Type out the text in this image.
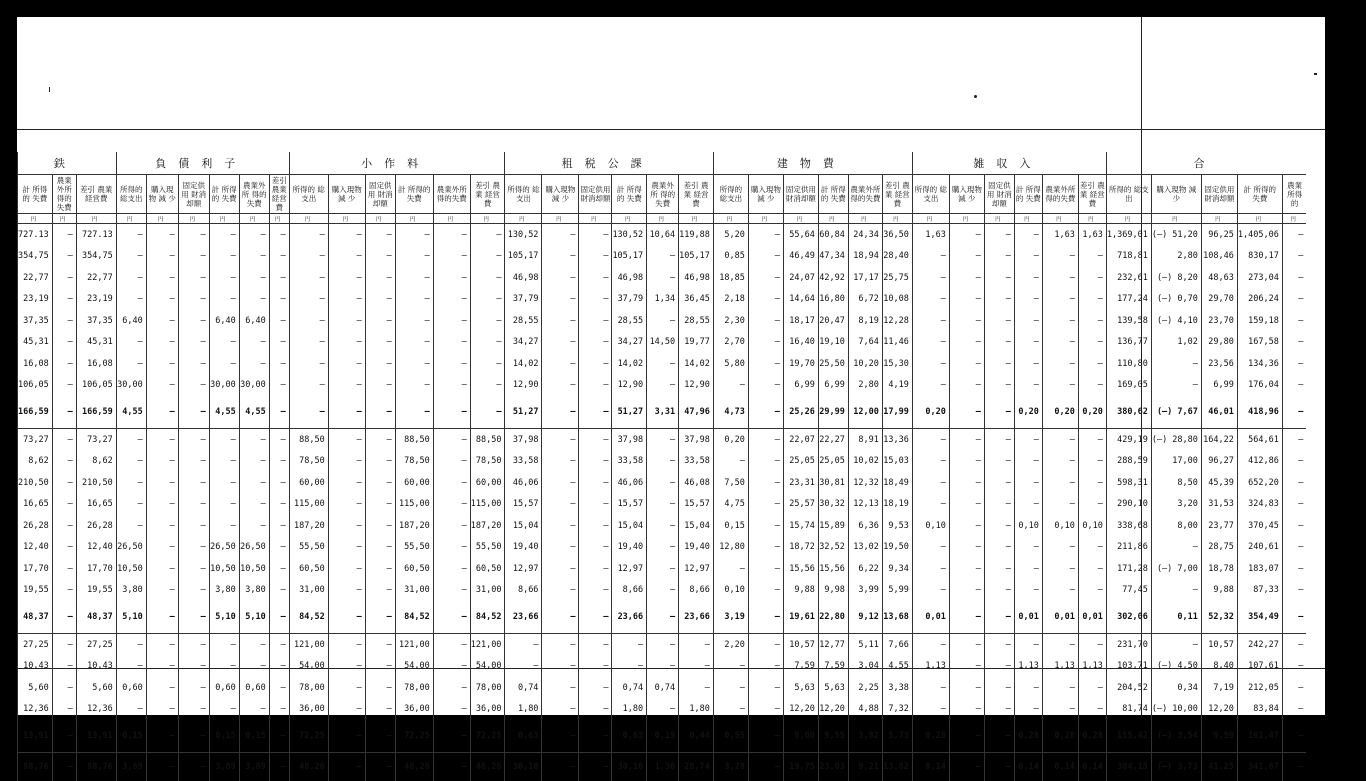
鉄			負債利子						小作料						租税公課						建物費						雑収入						合				
計 所得的 失費	農業外所得的失費	差引 農業 経営費	所得的 総支出	購入現物 減 少	固定供用 財消却額	計 所得的 失費	農業外所 得的失費	差引 農業 経営費	所得的 総支出	購入現物 減 少	固定供用 財消却額	計 所得的 失費	農業外所 得的失費	差引 農業 経営費	所得的 総支出	購入現物 減 少	固定供用 財消却額	計 所得的 失費	農業外所 得的失費	差引 農業 経営費	所得的 総支出	購入現物 減 少	固定供用 財消却額	計 所得的 失費	農業外所 得的失費	差引 農業 経営費	所得的 総支出	購入現物 減 少	固定供用 財消却額	計 所得的 失費	農業外所 得的失費	差引 農業 経営費	所得的 総支出	購入現物 減 少	固定供用 財消却額	計 所得的 失費	農業 所得的
円	円	円	円	円	円	円	円	円	円	円	円	円	円	円	円	円	円	円	円	円	円	円	円	円	円	円	円	円	円	円	円	円	円	円	円	円	円
727.13	—	727.13	—	—	—	—	—	—	—	—	—	—	—	—	130,52	—	—	130,52	10,64	119,88	5,20	—	55,64	60,84	24,34	36,50	1,63	—	—	—	1,63	1,63	1,369,01	(—) 51,20	96,25	1,405,06	—
354,75	—	354,75	—	—	—	—	—	—	—	—	—	—	—	—	105,17	—	—	105,17	—	105,17	0,85	—	46,49	47,34	18,94	28,40	—	—	—	—	—	—	718,81	2,80	108,46	830,17	—
22,77	—	22,77	—	—	—	—	—	—	—	—	—	—	—	—	46,98	—	—	46,98	—	46,98	18,85	—	24,07	42,92	17,17	25,75	—	—	—	—	—	—	232,61	(—) 8,20	48,63	273,04	—
23,19	—	23,19	—	—	—	—	—	—	—	—	—	—	—	—	37,79	—	—	37,79	1,34	36,45	2,18	—	14,64	16,80	6,72	10,08	—	—	—	—	—	—	177,24	(—) 0,70	29,70	206,24	—
37,35	—	37,35	6,40	—	—	6,40	6,40	—	—	—	—	—	—	—	28,55	—	—	28,55	—	28,55	2,30	—	18,17	20,47	8,19	12,28	—	—	—	—	—	—	139,58	(—) 4,10	23,70	159,18	—
45,31	—	45,31	—	—	—	—	—	—	—	—	—	—	—	—	34,27	—	—	34,27	14,50	19,77	2,70	—	16,40	19,10	7,64	11,46	—	—	—	—	—	—	136,77	1,02	29,80	167,58	—
16,08	—	16,08	—	—	—	—	—	—	—	—	—	—	—	—	14,02	—	—	14,02	—	14,02	5,80	—	19,70	25,50	10,20	15,30	—	—	—	—	—	—	110,80	—	23,56	134,36	—
106,05	—	106,05	30,00	—	—	30,00	30,00	—	—	—	—	—	—	—	12,90	—	—	12,90	—	12,90	—	—	6,99	6,99	2,80	4,19	—	—	—	—	—	—	169,05	—	6,99	176,04	—
166,59	—	166,59	4,55	—	—	4,55	4,55	—	—	—	—	—	—	—	51,27	—	—	51,27	3,31	47,96	4,73	—	25,26	29,99	12,00	17,99	0,20	—	—	0,20	0,20	0,20	380,62	(—) 7,67	46,01	418,96	—
73,27	—	73,27	—	—	—	—	—	—	88,50	—	—	88,50	—	88,50	37,98	—	—	37,98	—	37,98	0,20	—	22,07	22,27	8,91	13,36	—	—	—	—	—	—	429,19	(—) 28,80	164,22	564,61	—
8,62	—	8,62	—	—	—	—	—	—	78,50	—	—	78,50	—	78,50	33,58	—	—	33,58	—	33,58	—	—	25,05	25,05	10,02	15,03	—	—	—	—	—	—	288,59	17,00	96,27	412,86	—
210,50	—	210,50	—	—	—	—	—	—	60,00	—	—	60,00	—	60,00	46,06	—	—	46,06	—	46,08	7,50	—	23,31	30,81	12,32	18,49	—	—	—	—	—	—	598,31	8,50	45,39	652,20	—
16,65	—	16,65	—	—	—	—	—	—	115,00	—	—	115,00	—	115,00	15,57	—	—	15,57	—	15,57	4,75	—	25,57	30,32	12,13	18,19	—	—	—	—	—	—	290,10	3,20	31,53	324,83	—
26,28	—	26,28	—	—	—	—	—	—	187,20	—	—	187,20	—	187,20	15,04	—	—	15,04	—	15,04	0,15	—	15,74	15,89	6,36	9,53	0,10	—	—	0,10	0,10	0,10	338,68	8,00	23,77	370,45	—
12,40	—	12,40	26,50	—	—	26,50	26,50	—	55,50	—	—	55,50	—	55,50	19,40	—	—	19,40	—	19,40	12,80	—	18,72	32,52	13,02	19,50	—	—	—	—	—	—	211,86	—	28,75	240,61	—
17,70	—	17,70	10,50	—	—	10,50	10,50	—	60,50	—	—	60,50	—	60,50	12,97	—	—	12,97	—	12,97	—	—	15,56	15,56	6,22	9,34	—	—	—	—	—	—	171,28	(—) 7,00	18,78	183,07	—
19,55	—	19,55	3,80	—	—	3,80	3,80	—	31,00	—	—	31,00	—	31,00	8,66	—	—	8,66	—	8,66	0,10	—	9,88	9,98	3,99	5,99	—	—	—	—	—	—	77,45	—	9,88	87,33	—
48,37	—	48,37	5,10	—	—	5,10	5,10	—	84,52	—	—	84,52	—	84,52	23,66	—	—	23,66	—	23,66	3,19	—	19,61	22,80	9,12	13,68	0,01	—	—	0,01	0,01	0,01	302,06	0,11	52,32	354,49	—
27,25	—	27,25	—	—	—	—	—	—	121,00	—	—	121,00	—	121,00	—	—	—	—	—	—	2,20	—	10,57	12,77	5,11	7,66	—	—	—	—	—	—	231,70	—	10,57	242,27	—
10,43	—	10,43	—	—	—	—	—	—	54,00	—	—	54,00	—	54,00	—	—	—	—	—	—	—	—	7,59	7,59	3,04	4,55	1,13	—	—	1,13	1,13	1,13	103,71	(—) 4,50	8,40	107,61	—
5,60	—	5,60	0,60	—	—	0,60	0,60	—	78,00	—	—	78,00	—	78,00	0,74	—	—	0,74	0,74	—	—	—	5,63	5,63	2,25	3,38	—	—	—	—	—	—	204,52	0,34	7,19	212,05	—
12,36	—	12,36	—	—	—	—	—	—	36,00	—	—	36,00	—	36,00	1,80	—	—	1,80	—	1,80	—	—	12,20	12,20	4,88	7,32	—	—	—	—	—	—	81,74	(—) 10,00	12,20	83,84	—
13,91	—	13,91	0,15	—	—	0,15	0,15	—	72,25	—	—	72,25	—	72,25	0,63	—	—	0,63	0,19	0,44	0,55	—	9,00	9,55	3,82	5,73	0,28	—	—	0,28	0,28	0,28	155,42	(—) 3,54	9,59	161,47	—
88,76	—	88,76	3,89	—	—	3,89	3,89	—	48,26	—	—	48,26	—	48,26	30,10	—	—	30,10	1,36	28,74	3,28	—	19,75	23,03	9,21	13,82	0,14	—	—	0,14	0,14	0,14	304,15	(—) 3,73	41,25	341,67	—
